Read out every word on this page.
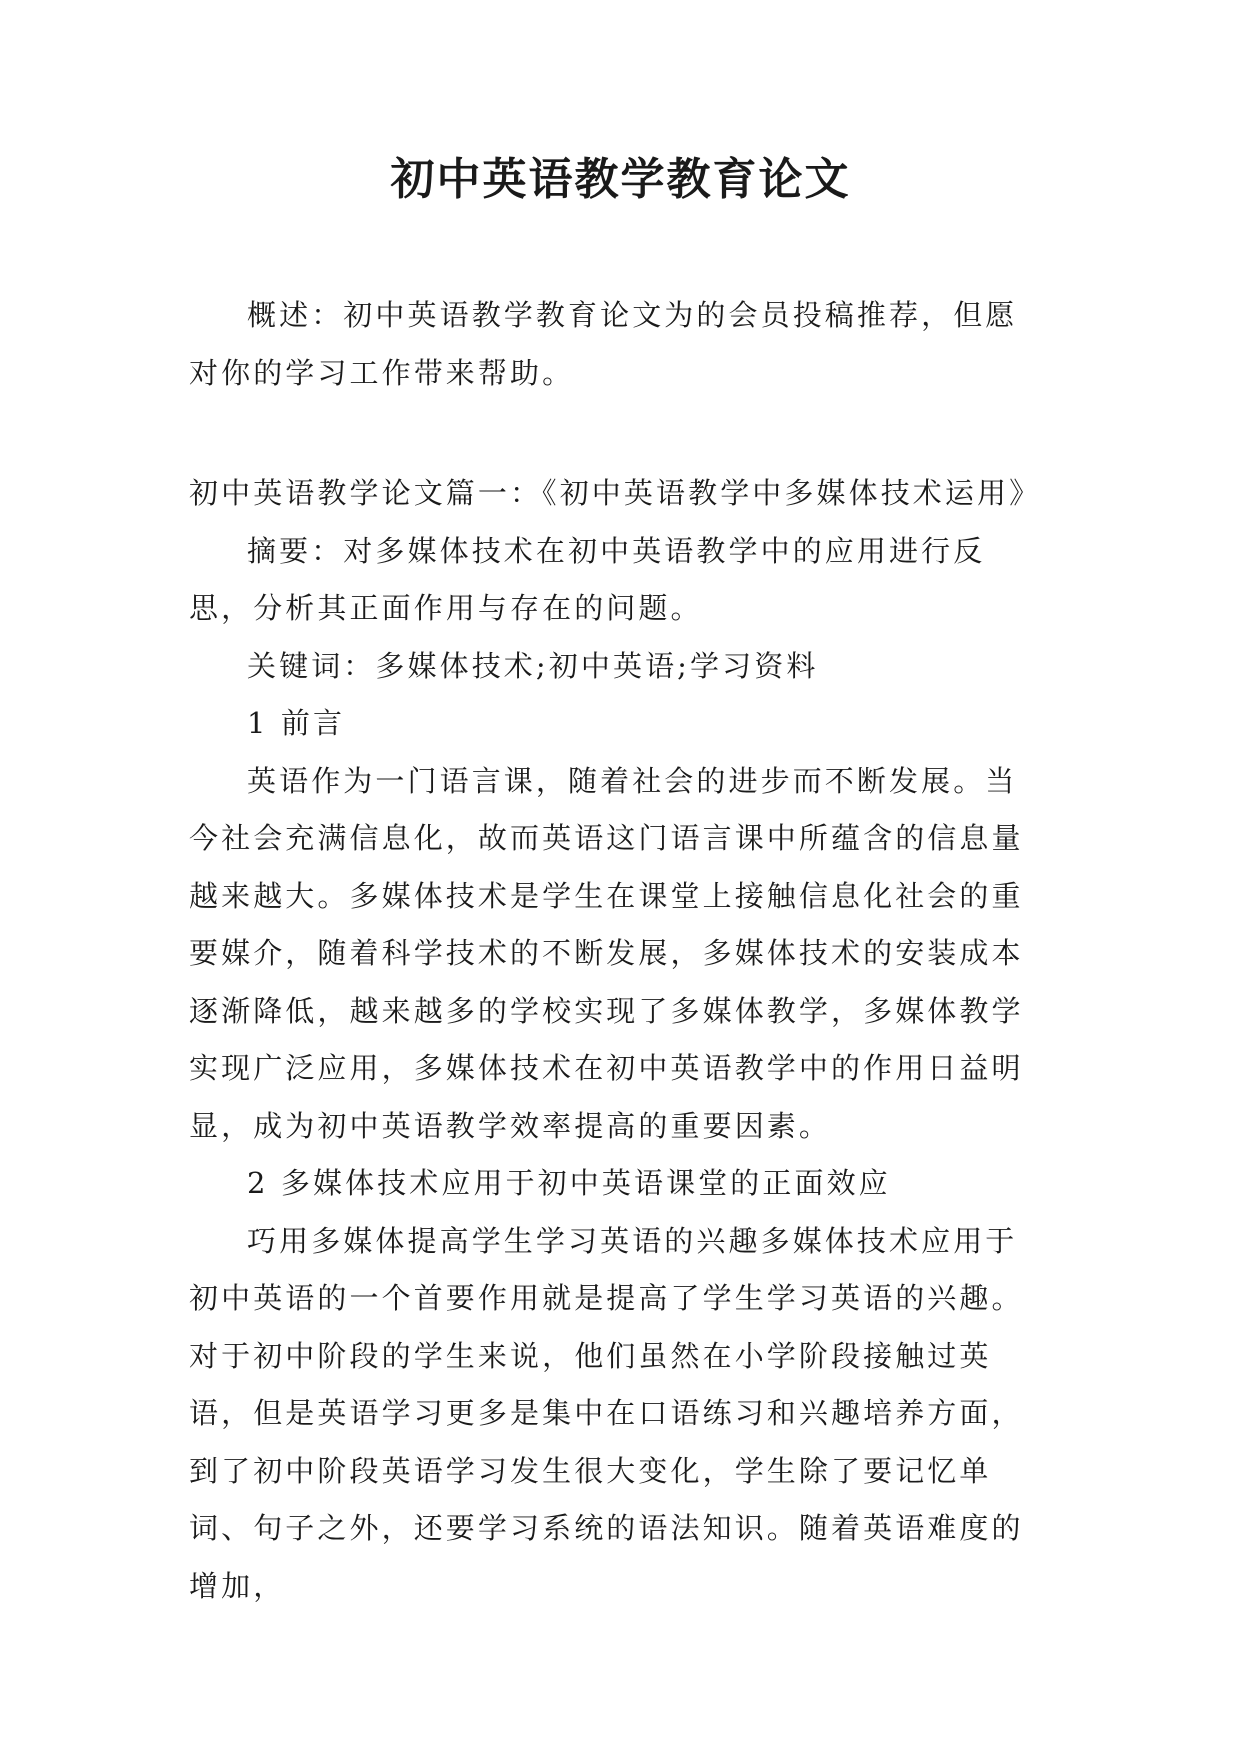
初中英语教学教育论文

概述：初中英语教学教育论文为的会员投稿推荐，但愿对你的学习工作带来帮助。

初中英语教学论文篇一：《初中英语教学中多媒体技术运用》

摘要：对多媒体技术在初中英语教学中的应用进行反思，分析其正面作用与存在的问题。

关键词：多媒体技术;初中英语;学习资料

1 前言

英语作为一门语言课，随着社会的进步而不断发展。当今社会充满信息化，故而英语这门语言课中所蕴含的信息量越来越大。多媒体技术是学生在课堂上接触信息化社会的重要媒介，随着科学技术的不断发展，多媒体技术的安装成本逐渐降低，越来越多的学校实现了多媒体教学，多媒体教学实现广泛应用，多媒体技术在初中英语教学中的作用日益明显，成为初中英语教学效率提高的重要因素。

2 多媒体技术应用于初中英语课堂的正面效应

巧用多媒体提高学生学习英语的兴趣多媒体技术应用于初中英语的一个首要作用就是提高了学生学习英语的兴趣。对于初中阶段的学生来说，他们虽然在小学阶段接触过英语，但是英语学习更多是集中在口语练习和兴趣培养方面，到了初中阶段英语学习发生很大变化，学生除了要记忆单词、句子之外，还要学习系统的语法知识。随着英语难度的增加，
